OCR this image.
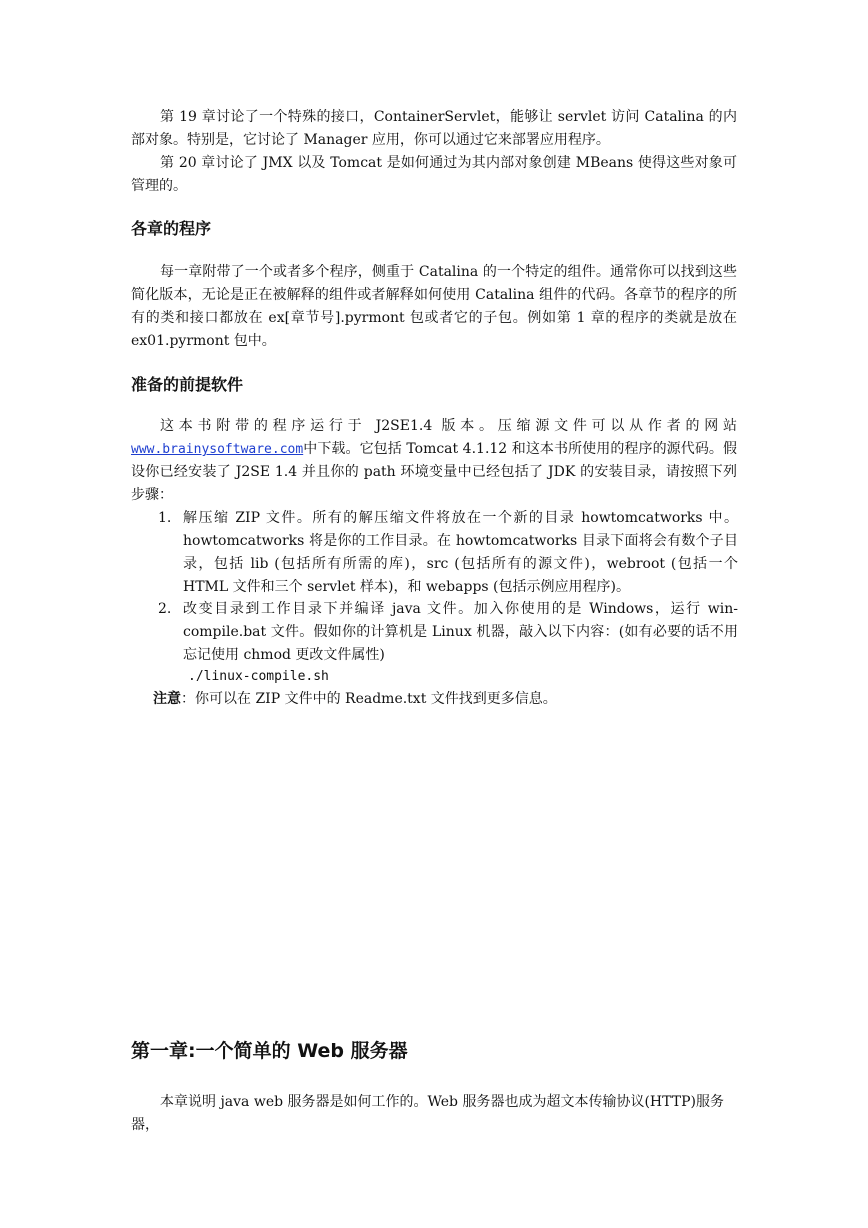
第 19 章讨论了一个特殊的接口，ContainerServlet，能够让 servlet 访问 Catalina 的内部对象。特别是，它讨论了 Manager 应用，你可以通过它来部署应用程序。

第 20 章讨论了 JMX 以及 Tomcat 是如何通过为其内部对象创建 MBeans 使得这些对象可管理的。

各章的程序

每一章附带了一个或者多个程序，侧重于 Catalina 的一个特定的组件。通常你可以找到这些简化版本，无论是正在被解释的组件或者解释如何使用 Catalina 组件的代码。各章节的程序的所有的类和接口都放在 ex[章节号].pyrmont 包或者它的子包。例如第 1 章的程序的类就是放在 ex01.pyrmont 包中。

准备的前提软件

这本书附带的程序运行于 J2SE1.4 版本。压缩源文件可以从作者的网站www.brainysoftware.com中下载。它包括 Tomcat 4.1.12 和这本书所使用的程序的源代码。假设你已经安装了 J2SE 1.4 并且你的 path 环境变量中已经包括了 JDK 的安装目录，请按照下列步骤：

1. 解压缩 ZIP 文件。所有的解压缩文件将放在一个新的目录 howtomcatworks 中。howtomcatworks 将是你的工作目录。在 howtomcatworks 目录下面将会有数个子目录，包括 lib (包括所有所需的库)，src (包括所有的源文件)，webroot (包括一个 HTML 文件和三个 servlet 样本)，和 webapps (包括示例应用程序)。

2. 改变目录到工作目录下并编译 java 文件。加入你使用的是 Windows，运行 win-compile.bat 文件。假如你的计算机是 Linux 机器，敲入以下内容：(如有必要的话不用忘记使用 chmod 更改文件属性)

./linux-compile.sh

注意：你可以在 ZIP 文件中的 Readme.txt 文件找到更多信息。

第一章:一个简单的 Web 服务器

本章说明 java web 服务器是如何工作的。Web 服务器也成为超文本传输协议(HTTP)服务器，
